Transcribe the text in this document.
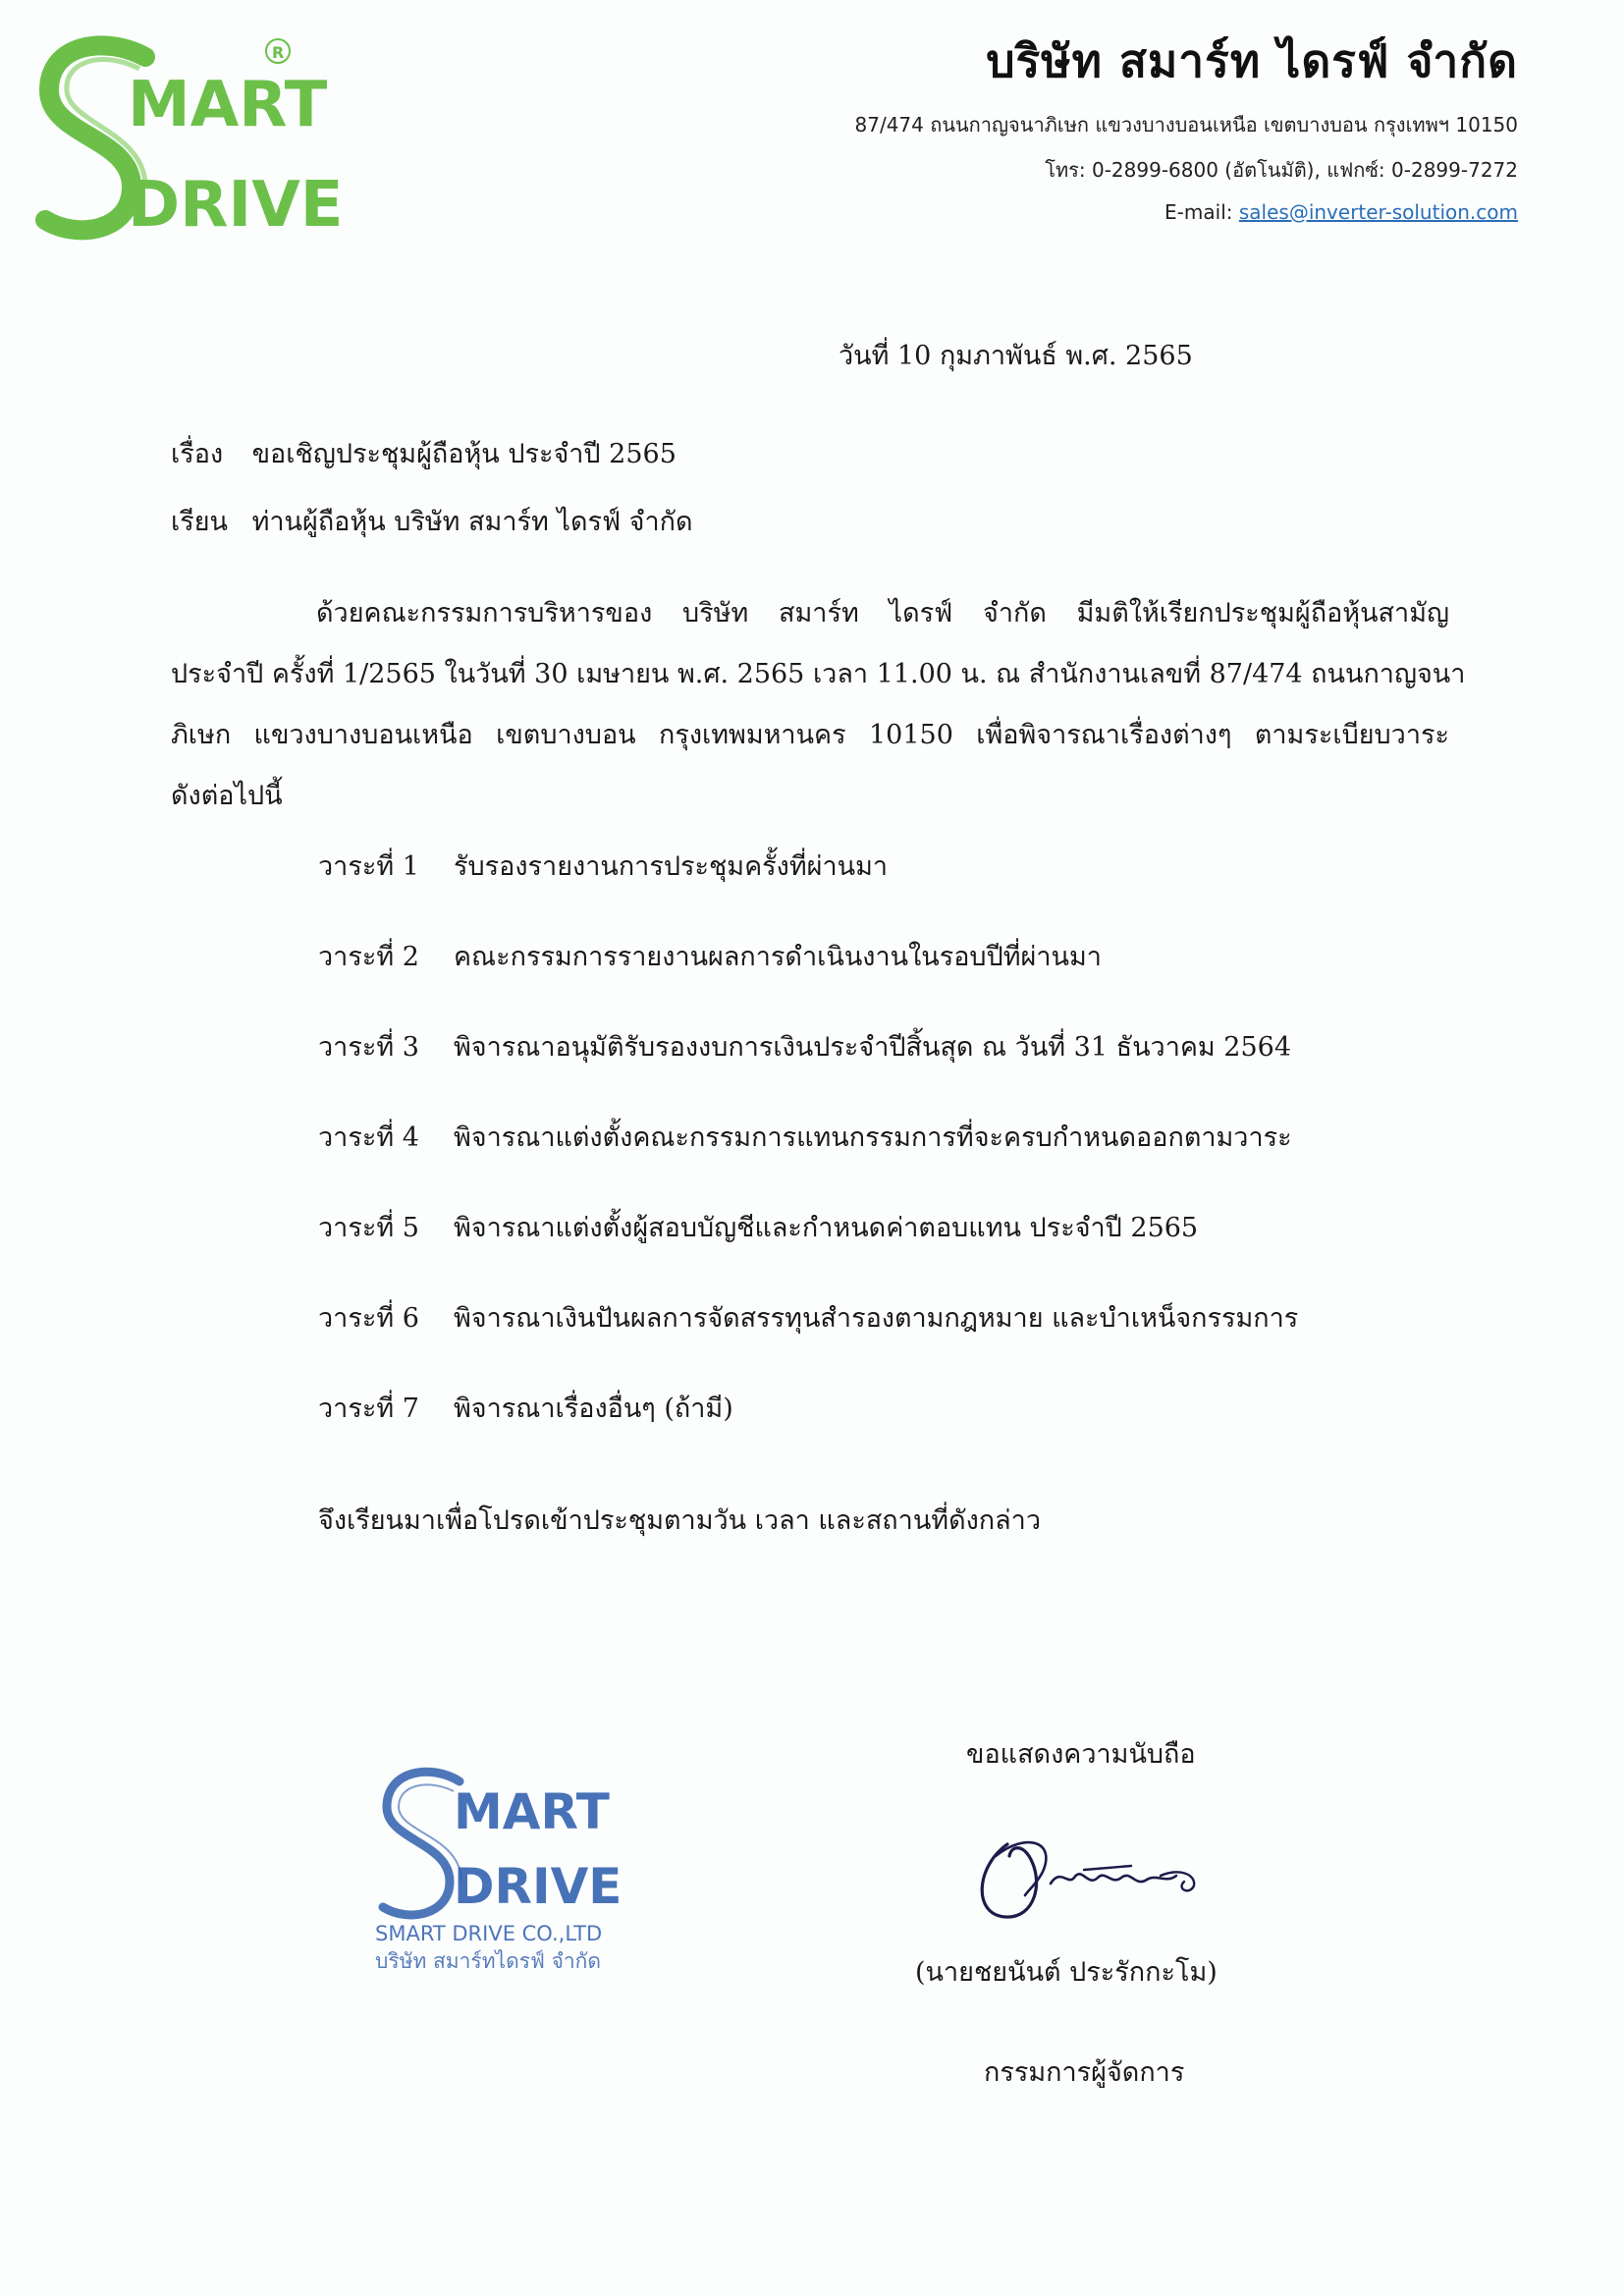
MART
DRIVE
R	บริษัท สมาร์ท ไดรฟ์ จำกัด
87/474 ถนนกาญจนาภิเษก แขวงบางบอนเหนือ เขตบางบอน กรุงเทพฯ 10150
โทร: 0-2899-6800 (อัตโนมัติ), แฟกซ์: 0-2899-7272
E-mail: sales@inverter-solution.com
วันที่ 10 กุมภาพันธ์ พ.ศ. 2565
เรื่อง ขอเชิญประชุมผู้ถือหุ้น ประจำปี 2565
เรียน ท่านผู้ถือหุ้น บริษัท สมาร์ท ไดรฟ์ จำกัด
ด้วยคณะกรรมการบริหารของ บริษัท สมาร์ท ไดรฟ์ จำกัด มีมติให้เรียกประชุมผู้ถือหุ้นสามัญ
ประจำปี ครั้งที่ 1/2565 ในวันที่ 30 เมษายน พ.ศ. 2565 เวลา 11.00 น. ณ สำนักงานเลขที่ 87/474 ถนนกาญจนา
ภิเษก แขวงบางบอนเหนือ เขตบางบอน กรุงเทพมหานคร 10150 เพื่อพิจารณาเรื่องต่างๆ ตามระเบียบวาระ
ดังต่อไปนี้
วาระที่ 1 รับรองรายงานการประชุมครั้งที่ผ่านมา
วาระที่ 2 คณะกรรมการรายงานผลการดำเนินงานในรอบปีที่ผ่านมา
วาระที่ 3 พิจารณาอนุมัติรับรองงบการเงินประจำปีสิ้นสุด ณ วันที่ 31 ธันวาคม 2564
วาระที่ 4 พิจารณาแต่งตั้งคณะกรรมการแทนกรรมการที่จะครบกำหนดออกตามวาระ
วาระที่ 5 พิจารณาแต่งตั้งผู้สอบบัญชีและกำหนดค่าตอบแทน ประจำปี 2565
วาระที่ 6 พิจารณาเงินปันผลการจัดสรรทุนสำรองตามกฎหมาย และบำเหน็จกรรมการ
วาระที่ 7 พิจารณาเรื่องอื่นๆ (ถ้ามี)
จึงเรียนมาเพื่อโปรดเข้าประชุมตามวัน เวลา และสถานที่ดังกล่าว
MART
DRIVE
SMART DRIVE CO.,LTD
บริษัท สมาร์ทไดรฟ์ จำกัด
ขอแสดงความนับถือ
(นายชยนันต์ ประรักกะโม)
กรรมการผู้จัดการ
